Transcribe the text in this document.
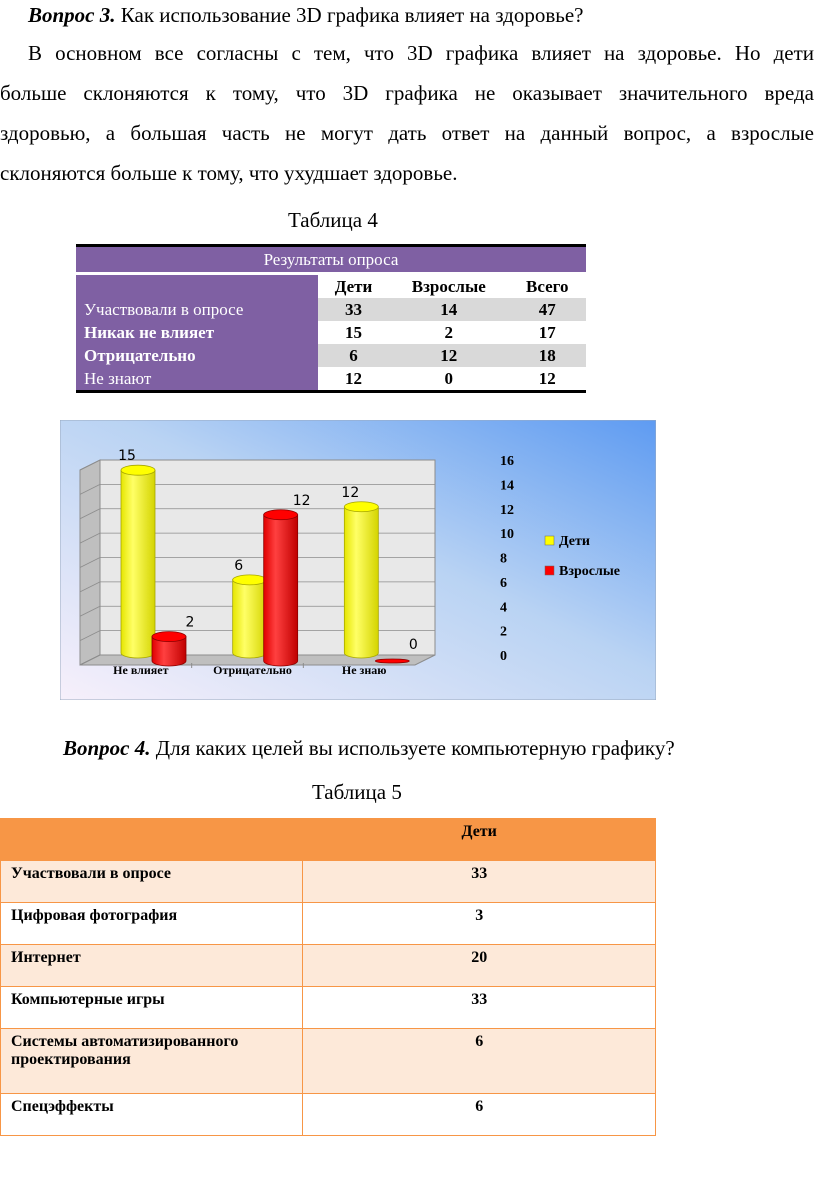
Вопрос 3. Как использование 3D графика влияет на здоровье?
В основном все согласны с тем, что 3D графика влияет на здоровье. Но дети
больше склоняются к тому, что 3D графика не оказывает значительного вреда
здоровью, а большая часть не могут дать ответ на данный вопрос, а взрослые
склоняются больше к тому, что ухудшает здоровье.
Таблица 4
Результаты опроса			
	Дети	Взрослые	Всего
Участвовали в опросе	33	14	47
Никак не влияет	15	2	17
Отрицательно	6	12	18
Не знают	12	0	12
15
2
6
12 12
0
0
2
4
6
8
10
12
14
16
Не влияет	Отрицательно	Не знаю
Дети
Взрослые
Вопрос 4. Для каких целей вы используете компьютерную графику?
Таблица 5
	Дети
Участвовали в опросе	33
Цифровая фотография	3
Интернет	20
Компьютерные игры	33
Системы автоматизированного проектирования	6
Спецэффекты	6
